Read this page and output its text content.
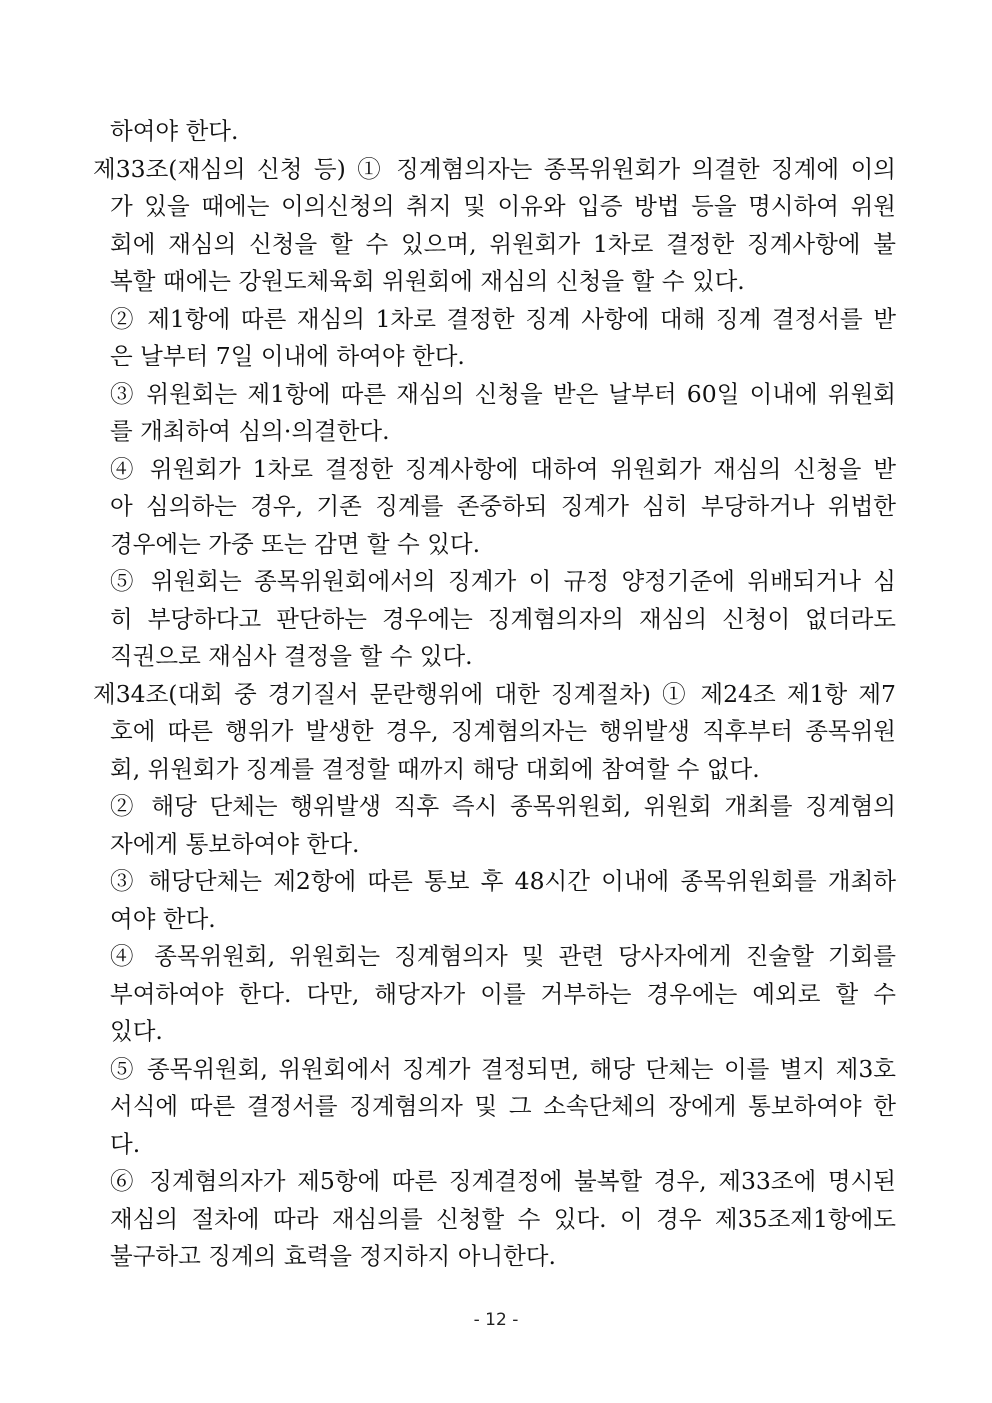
하여야 한다.
제33조(재심의 신청 등) ① 징계혐의자는 종목위원회가 의결한 징계에 이의
가 있을 때에는 이의신청의 취지 및 이유와 입증 방법 등을 명시하여 위원
회에 재심의 신청을 할 수 있으며, 위원회가 1차로 결정한 징계사항에 불
복할 때에는 강원도체육회 위원회에 재심의 신청을 할 수 있다.
② 제1항에 따른 재심의 1차로 결정한 징계 사항에 대해 징계 결정서를 받
은 날부터 7일 이내에 하여야 한다.
③ 위원회는 제1항에 따른 재심의 신청을 받은 날부터 60일 이내에 위원회
를 개최하여 심의·의결한다.
④ 위원회가 1차로 결정한 징계사항에 대하여 위원회가 재심의 신청을 받
아 심의하는 경우, 기존 징계를 존중하되 징계가 심히 부당하거나 위법한
경우에는 가중 또는 감면 할 수 있다.
⑤ 위원회는 종목위원회에서의 징계가 이 규정 양정기준에 위배되거나 심
히 부당하다고 판단하는 경우에는 징계혐의자의 재심의 신청이 없더라도
직권으로 재심사 결정을 할 수 있다.
제34조(대회 중 경기질서 문란행위에 대한 징계절차) ① 제24조 제1항 제7
호에 따른 행위가 발생한 경우, 징계혐의자는 행위발생 직후부터 종목위원
회, 위원회가 징계를 결정할 때까지 해당 대회에 참여할 수 없다.
② 해당 단체는 행위발생 직후 즉시 종목위원회, 위원회 개최를 징계혐의
자에게 통보하여야 한다.
③ 해당단체는 제2항에 따른 통보 후 48시간 이내에 종목위원회를 개최하
여야 한다.
④ 종목위원회, 위원회는 징계혐의자 및 관련 당사자에게 진술할 기회를
부여하여야 한다. 다만, 해당자가 이를 거부하는 경우에는 예외로 할 수
있다.
⑤ 종목위원회, 위원회에서 징계가 결정되면, 해당 단체는 이를 별지 제3호
서식에 따른 결정서를 징계혐의자 및 그 소속단체의 장에게 통보하여야 한
다.
⑥ 징계혐의자가 제5항에 따른 징계결정에 불복할 경우, 제33조에 명시된
재심의 절차에 따라 재심의를 신청할 수 있다. 이 경우 제35조제1항에도
불구하고 징계의 효력을 정지하지 아니한다.
- 12 -
